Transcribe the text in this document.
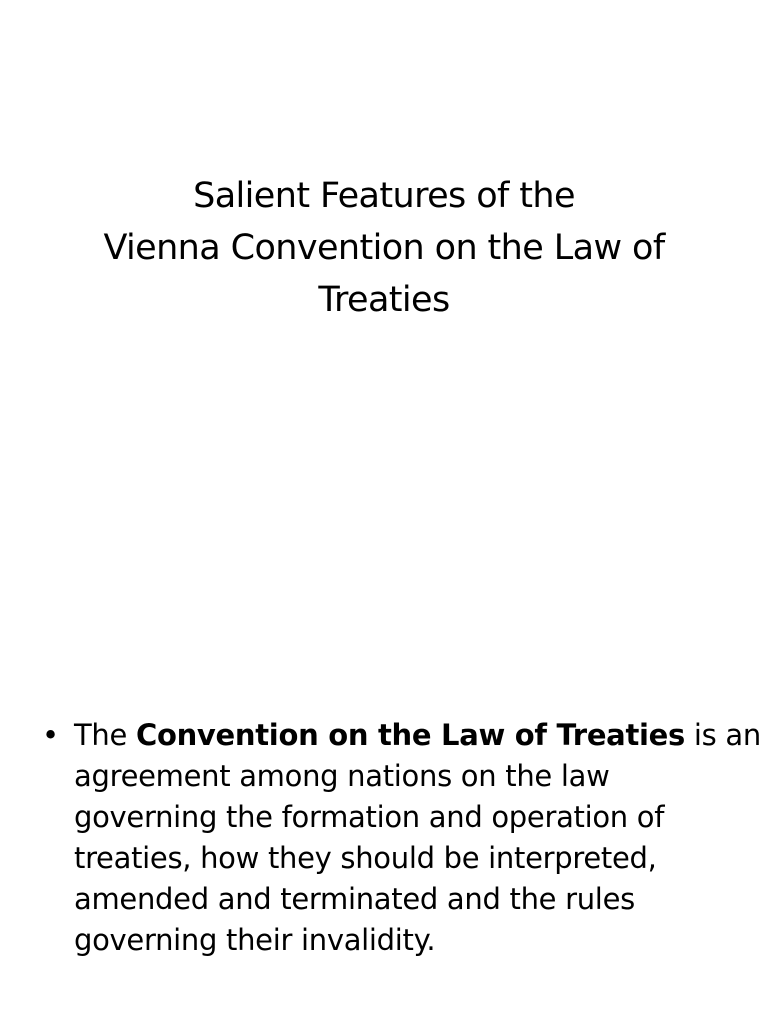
Salient Features of the
Vienna Convention on the Law of
Treaties
• The Convention on the Law of Treaties is an
agreement among nations on the law
governing the formation and operation of
treaties, how they should be interpreted,
amended and terminated and the rules
governing their invalidity.
